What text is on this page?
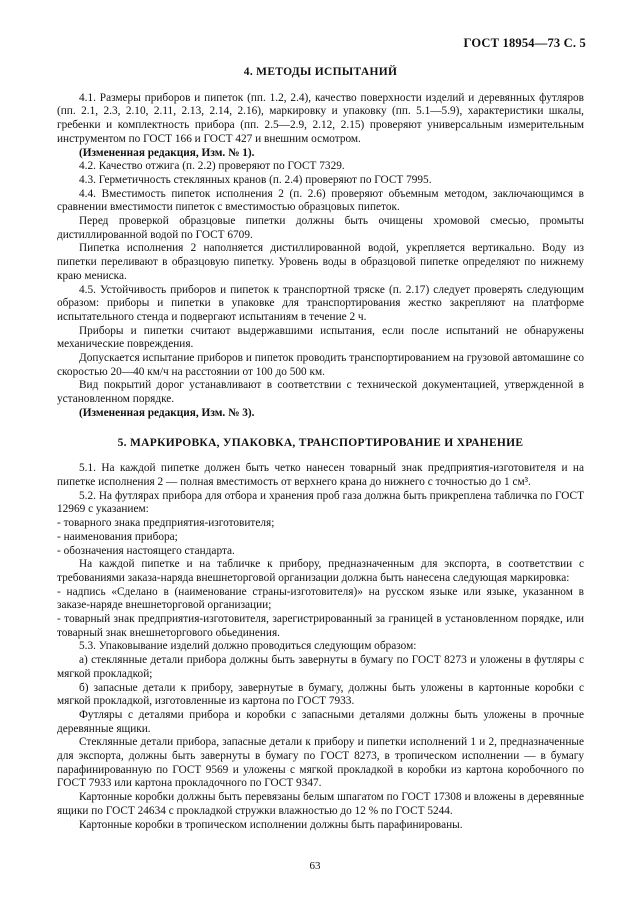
ГОСТ 18954—73 С. 5
4. МЕТОДЫ ИСПЫТАНИЙ

4.1. Размеры приборов и пипеток (пп. 1.2, 2.4), качество поверхности изделий и деревянных футляров (пп. 2.1, 2.3, 2.10, 2.11, 2.13, 2.14, 2.16), маркировку и упаковку (пп. 5.1—5.9), характеристики шкалы, гребенки и комплектность прибора (пп. 2.5—2.9, 2.12, 2.15) проверяют универсальным измерительным инструментом по ГОСТ 166 и ГОСТ 427 и внешним осмотром.

(Измененная редакция, Изм. № 1).

4.2. Качество отжига (п. 2.2) проверяют по ГОСТ 7329.

4.3. Герметичность стеклянных кранов (п. 2.4) проверяют по ГОСТ 7995.

4.4. Вместимость пипеток исполнения 2 (п. 2.6) проверяют объемным методом, заключающимся в сравнении вместимости пипеток с вместимостью образцовых пипеток.

Перед проверкой образцовые пипетки должны быть очищены хромовой смесью, промыты дистиллированной водой по ГОСТ 6709.

Пипетка исполнения 2 наполняется дистиллированной водой, укрепляется вертикально. Воду из пипетки переливают в образцовую пипетку. Уровень воды в образцовой пипетке определяют по нижнему краю мениска.

4.5. Устойчивость приборов и пипеток к транспортной тряске (п. 2.17) следует проверять следующим образом: приборы и пипетки в упаковке для транспортирования жестко закрепляют на платформе испытательного стенда и подвергают испытаниям в течение 2 ч.

Приборы и пипетки считают выдержавшими испытания, если после испытаний не обнаружены механические повреждения.

Допускается испытание приборов и пипеток проводить транспортированием на грузовой автомашине со скоростью 20—40 км/ч на расстоянии от 100 до 500 км.

Вид покрытий дорог устанавливают в соответствии с технической документацией, утвержденной в установленном порядке.

(Измененная редакция, Изм. № 3).

5. МАРКИРОВКА, УПАКОВКА, ТРАНСПОРТИРОВАНИЕ И ХРАНЕНИЕ

5.1. На каждой пипетке должен быть четко нанесен товарный знак предприятия-изготовителя и на пипетке исполнения 2 — полная вместимость от верхнего крана до нижнего с точностью до 1 см³.

5.2. На футлярах прибора для отбора и хранения проб газа должна быть прикреплена табличка по ГОСТ 12969 с указанием:

- товарного знака предприятия-изготовителя;

- наименования прибора;

- обозначения настоящего стандарта.

На каждой пипетке и на табличке к прибору, предназначенным для экспорта, в соответствии с требованиями заказа-наряда внешнеторговой организации должна быть нанесена следующая маркировка:

- надпись «Сделано в (наименование страны-изготовителя)» на русском языке или языке, указанном в заказе-наряде внешнеторговой организации;

- товарный знак предприятия-изготовителя, зарегистрированный за границей в установленном порядке, или товарный знак внешнеторгового обьединения.

5.3. Упаковывание изделий должно проводиться следующим образом:

а) стеклянные детали прибора должны быть завернуты в бумагу по ГОСТ 8273 и уложены в футляры с мягкой прокладкой;

б) запасные детали к прибору, завернутые в бумагу, должны быть уложены в картонные коробки с мягкой прокладкой, изготовленные из картона по ГОСТ 7933.

Футляры с деталями прибора и коробки с запасными деталями должны быть уложены в прочные деревянные ящики.

Стеклянные детали прибора, запасные детали к прибору и пипетки исполнений 1 и 2, предназначенные для экспорта, должны быть завернуты в бумагу по ГОСТ 8273, в тропическом исполнении — в бумагу парафинированную по ГОСТ 9569 и уложены с мягкой прокладкой в коробки из картона коробочного по ГОСТ 7933 или картона прокладочного по ГОСТ 9347.

Картонные коробки должны быть перевязаны белым шпагатом по ГОСТ 17308 и вложены в деревянные ящики по ГОСТ 24634 с прокладкой стружки влажностью до 12 % по ГОСТ 5244.

Картонные коробки в тропическом исполнении должны быть парафинированы.

63
